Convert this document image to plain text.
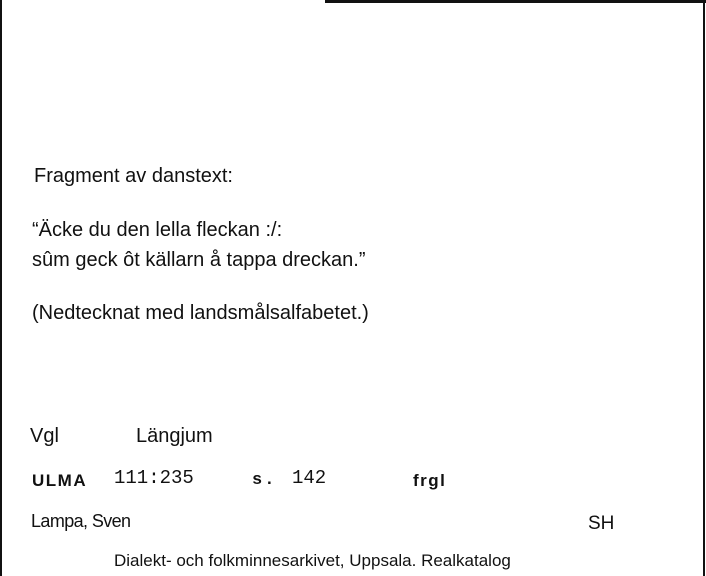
Fragment av danstext:
“Äcke du den lella fleckan :/:
sûm geck ôt källarn å tappa dreckan.”
(Nedtecknat med landsmålsalfabetet.)
Vgl	Längjum
ULMA 111:235	s. 142	frgl
Lampa, Sven	SH
Dialekt- och folkminnesarkivet, Uppsala. Realkatalog
